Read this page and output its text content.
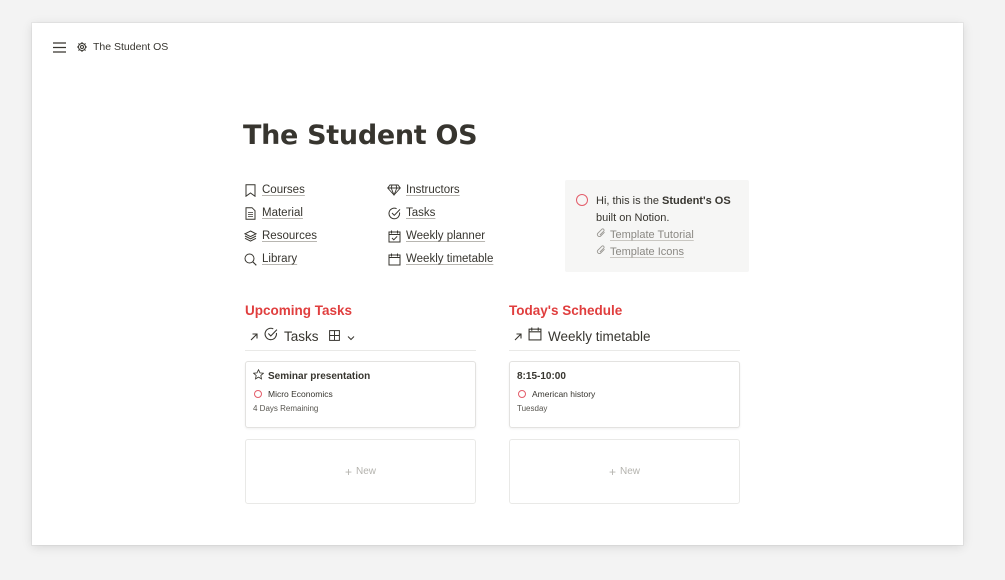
The Student OS
The Student OS
Courses
Material
Resources
Library
Instructors
Tasks
Weekly planner
Weekly timetable
Hi, this is the Student's OS
built on Notion.
Template Tutorial
Template Icons
Upcoming Tasks
Tasks
Seminar presentation
Micro Economics
4 Days Remaining
+ New
Today's Schedule
Weekly timetable
8:15-10:00
American history
Tuesday
+ New
